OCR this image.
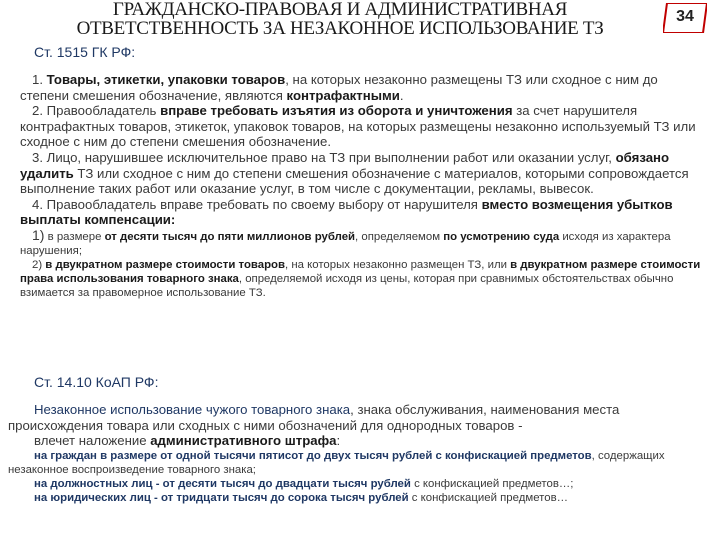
ГРАЖДАНСКО-ПРАВОВАЯ И АДМИНИСТРАТИВНАЯ
ОТВЕТСТВЕННОСТЬ ЗА НЕЗАКОННОЕ ИСПОЛЬЗОВАНИЕ ТЗ
34
Ст. 1515 ГК РФ:

1. Товары, этикетки, упаковки товаров, на которых незаконно размещены ТЗ или сходное с ним до степени смешения обозначение, являются контрафактными.

2. Правообладатель вправе требовать изъятия из оборота и уничтожения за счет нарушителя контрафактных товаров, этикеток, упаковок товаров, на которых размещены незаконно используемый ТЗ или сходное с ним до степени смешения обозначение.

3. Лицо, нарушившее исключительное право на ТЗ при выполнении работ или оказании услуг, обязано удалить ТЗ или сходное с ним до степени смешения обозначение с материалов, которыми сопровождается выполнение таких работ или оказание услуг, в том числе с документации, рекламы, вывесок.

4. Правообладатель вправе требовать по своему выбору от нарушителя вместо возмещения убытков выплаты компенсации:

1) в размере от десяти тысяч до пяти миллионов рублей, определяемом по усмотрению суда исходя из характера нарушения;

2) в двукратном размере стоимости товаров, на которых незаконно размещен ТЗ, или в двукратном размере стоимости права использования товарного знака, определяемой исходя из цены, которая при сравнимых обстоятельствах обычно взимается за правомерное использование ТЗ.

Ст. 14.10 КоАП РФ:

Незаконное использование чужого товарного знака, знака обслуживания, наименования места происхождения товара или сходных с ними обозначений для однородных товаров -

влечет наложение административного штрафа:

на граждан в размере от одной тысячи пятисот до двух тысяч рублей с конфискацией предметов, содержащих незаконное воспроизведение товарного знака;

на должностных лиц - от десяти тысяч до двадцати тысяч рублей с конфискацией предметов…;

на юридических лиц - от тридцати тысяч до сорока тысяч рублей с конфискацией предметов…
